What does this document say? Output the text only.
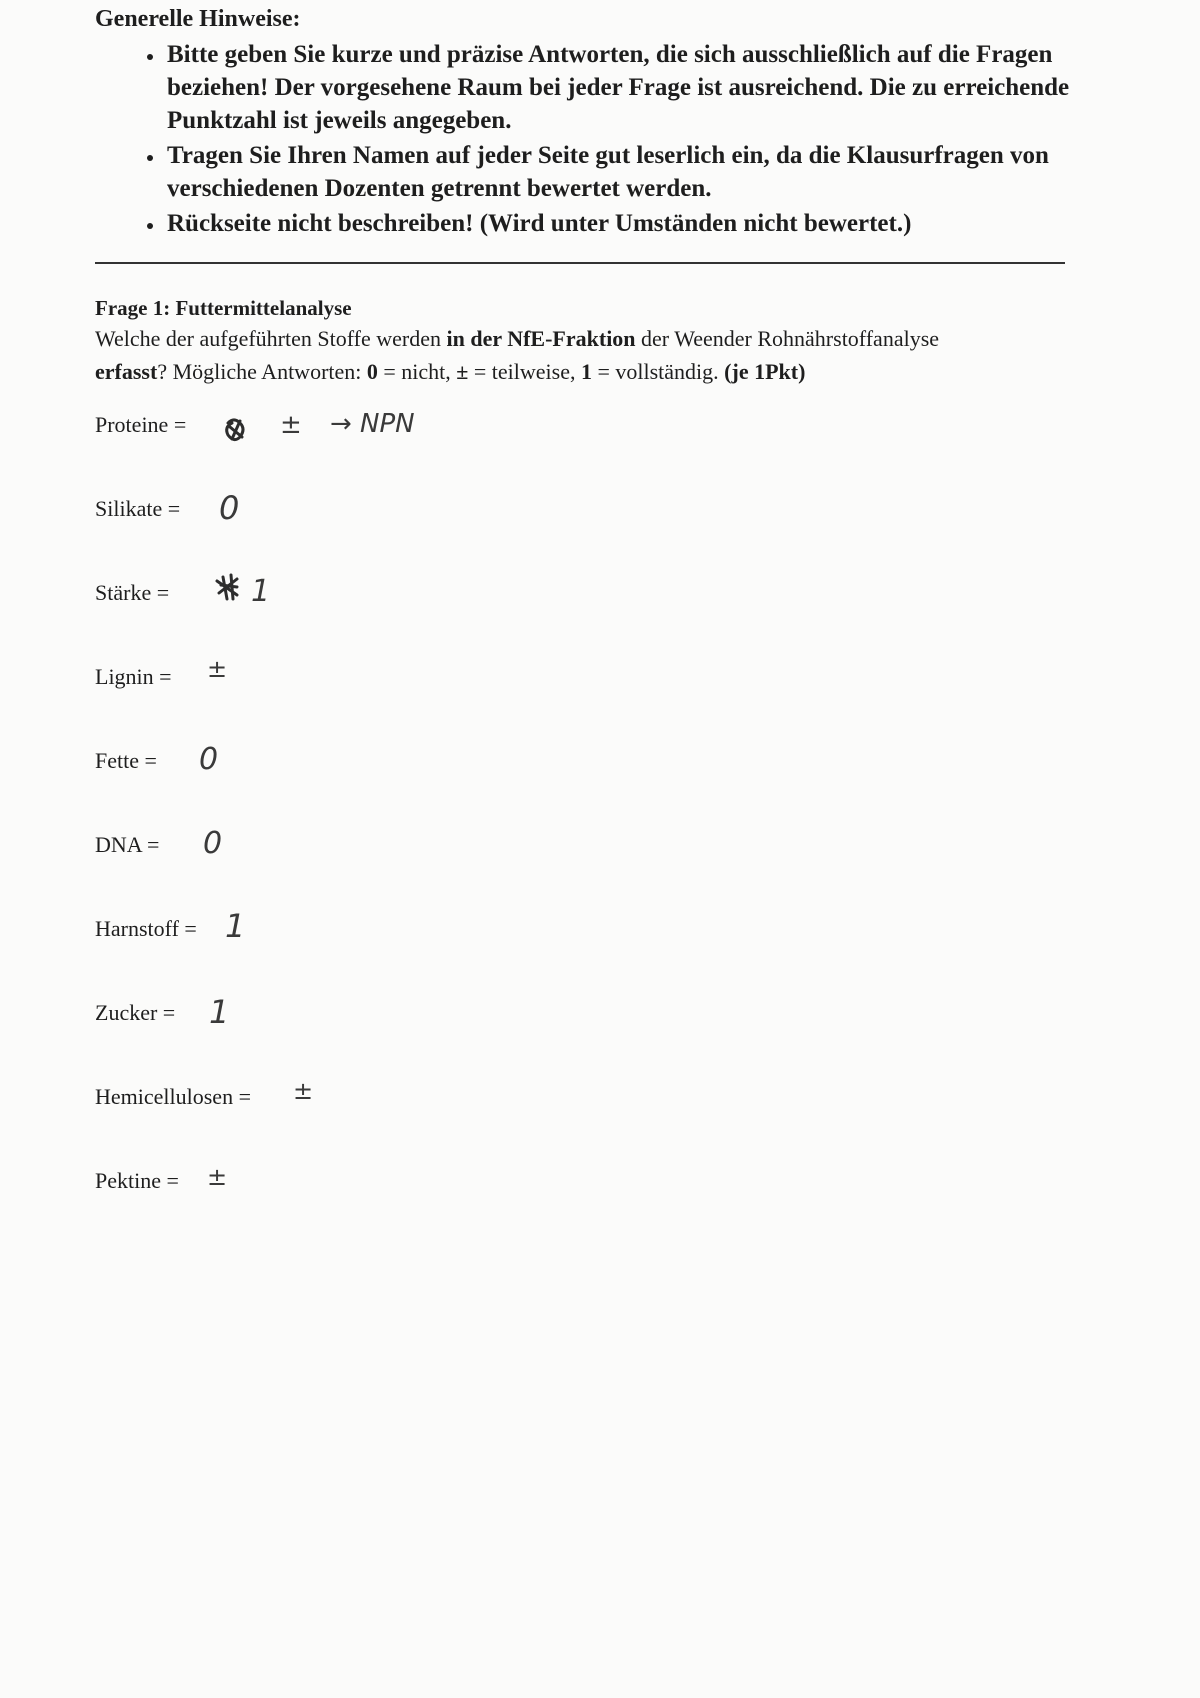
Generelle Hinweise:
• Bitte geben Sie kurze und präzise Antworten, die sich ausschließlich auf die Fragen beziehen! Der vorgesehene Raum bei jeder Frage ist ausreichend. Die zu erreichende Punktzahl ist jeweils angegeben.
• Tragen Sie Ihren Namen auf jeder Seite gut leserlich ein, da die Klausurfragen von verschiedenen Dozenten getrennt bewertet werden.
• Rückseite nicht beschreiben! (Wird unter Umständen nicht bewertet.)
Frage 1: Futtermittelanalyse
Welche der aufgeführten Stoffe werden in der NfE-Fraktion der Weender Rohnährstoffanalyse
erfasst? Mögliche Antworten: 0 = nicht, ± = teilweise, 1 = vollständig. (je 1Pkt)
Proteine =	± → NPN
Silikate = 0
Stärke =	1
Lignin = ±
Fette = 0
DNA = 0
Harnstoff = 1
Zucker = 1
Hemicellulosen = ±
Pektine = ±
